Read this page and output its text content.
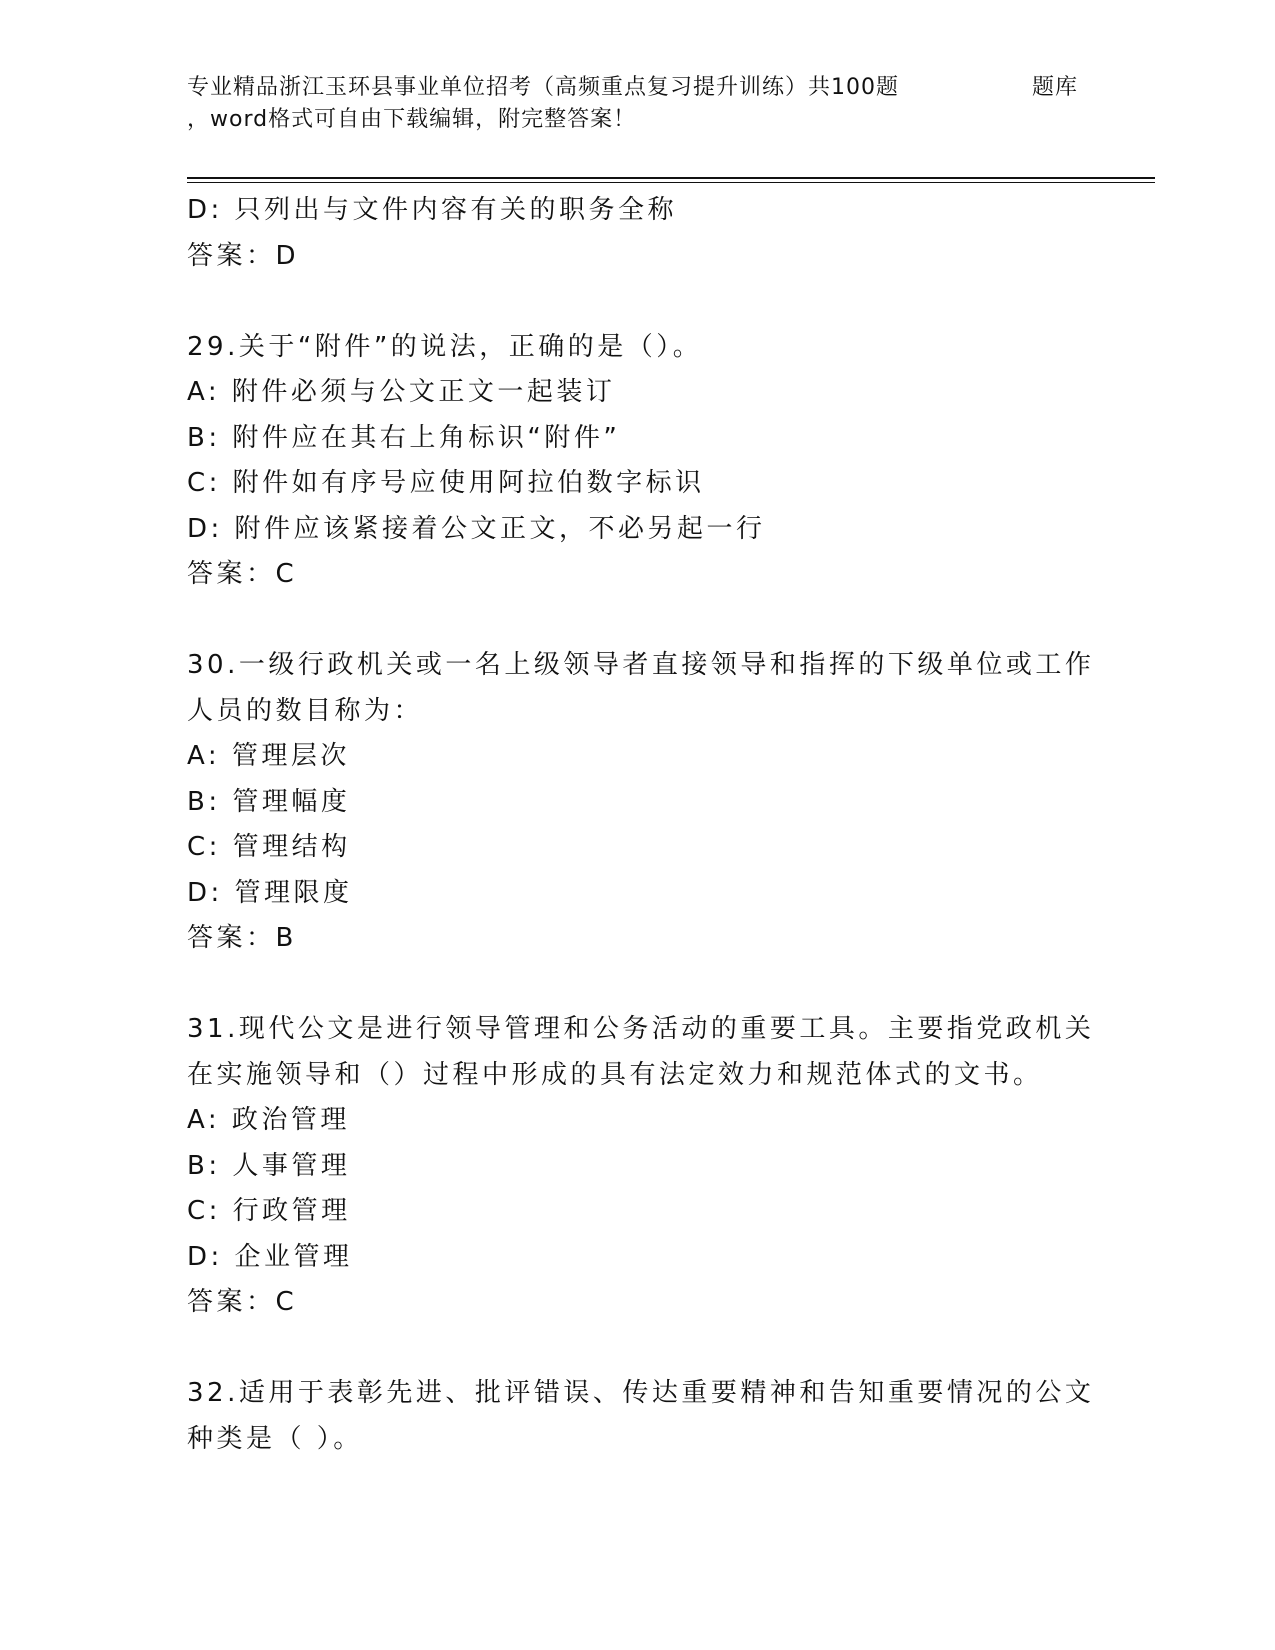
专业精品浙江玉环县事业单位招考（高频重点复习提升训练）共100题	题库
，word格式可自由下载编辑，附完整答案！
D: 只列出与文件内容有关的职务全称
答案：D
29.关于“附件”的说法，正确的是（）。
A: 附件必须与公文正文一起装订
B: 附件应在其右上角标识“附件”
C: 附件如有序号应使用阿拉伯数字标识
D: 附件应该紧接着公文正文，不必另起一行
答案：C
30.一级行政机关或一名上级领导者直接领导和指挥的下级单位或工作
人员的数目称为：
A: 管理层次
B: 管理幅度
C: 管理结构
D: 管理限度
答案：B
31.现代公文是进行领导管理和公务活动的重要工具。主要指党政机关
在实施领导和（）过程中形成的具有法定效力和规范体式的文书。
A: 政治管理
B: 人事管理
C: 行政管理
D: 企业管理
答案：C
32.适用于表彰先进、批评错误、传达重要精神和告知重要情况的公文
种类是（ ）。
